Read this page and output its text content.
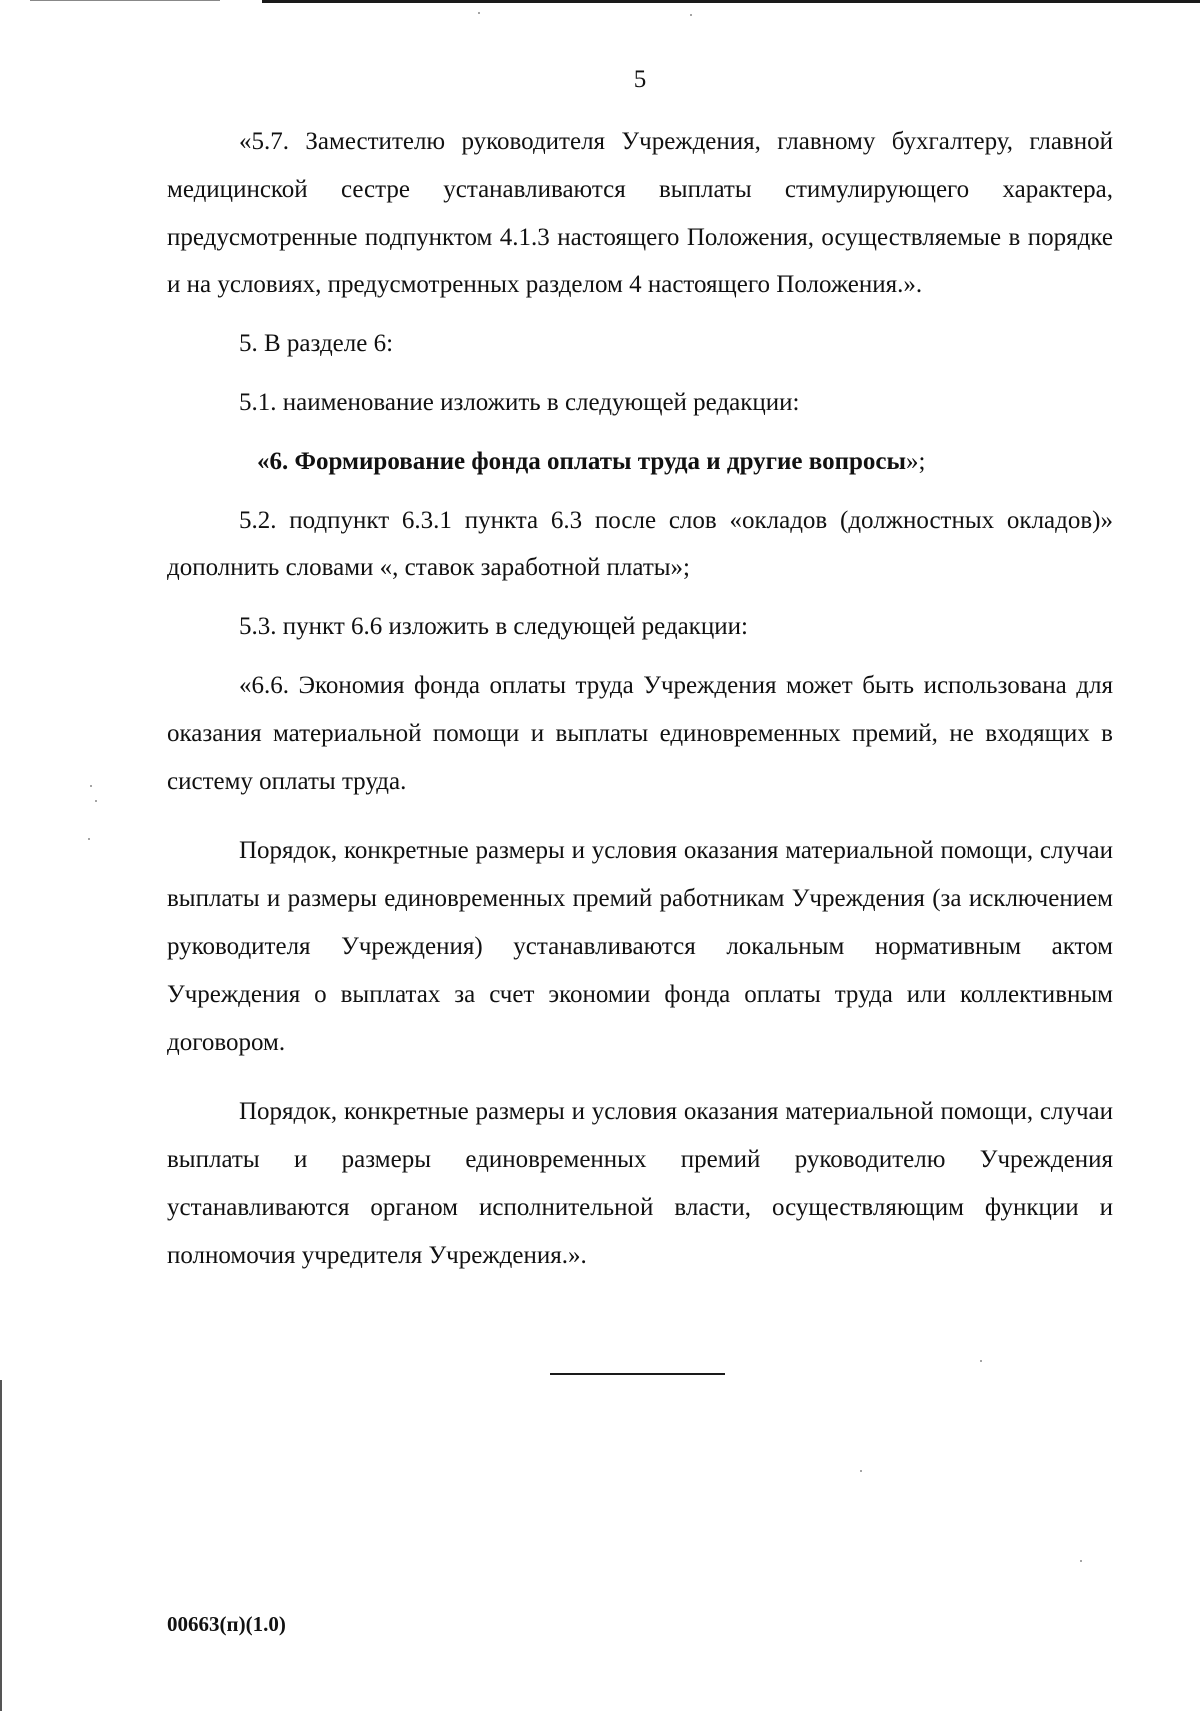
5

«5.7. Заместителю руководителя Учреждения, главному бухгалтеру, главной медицинской сестре устанавливаются выплаты стимулирующего характера, предусмотренные подпунктом 4.1.3 настоящего Положения, осуществляемые в порядке и на условиях, предусмотренных разделом 4 настоящего Положения.».

5. В разделе 6:

5.1. наименование изложить в следующей редакции:

«6. Формирование фонда оплаты труда и другие вопросы»;

5.2. подпункт 6.3.1 пункта 6.3 после слов «окладов (должностных окладов)» дополнить словами «, ставок заработной платы»;

5.3. пункт 6.6 изложить в следующей редакции:

«6.6. Экономия фонда оплаты труда Учреждения может быть использована для оказания материальной помощи и выплаты единовременных премий, не входящих в систему оплаты труда.

Порядок, конкретные размеры и условия оказания материальной помощи, случаи выплаты и размеры единовременных премий работникам Учреждения (за исключением руководителя Учреждения) устанавливаются локальным нормативным актом Учреждения о выплатах за счет экономии фонда оплаты труда или коллективным договором.

Порядок, конкретные размеры и условия оказания материальной помощи, случаи выплаты и размеры единовременных премий руководителю Учреждения устанавливаются органом исполнительной власти, осуществляющим функции и полномочия учредителя Учреждения.».

00663(п)(1.0)
